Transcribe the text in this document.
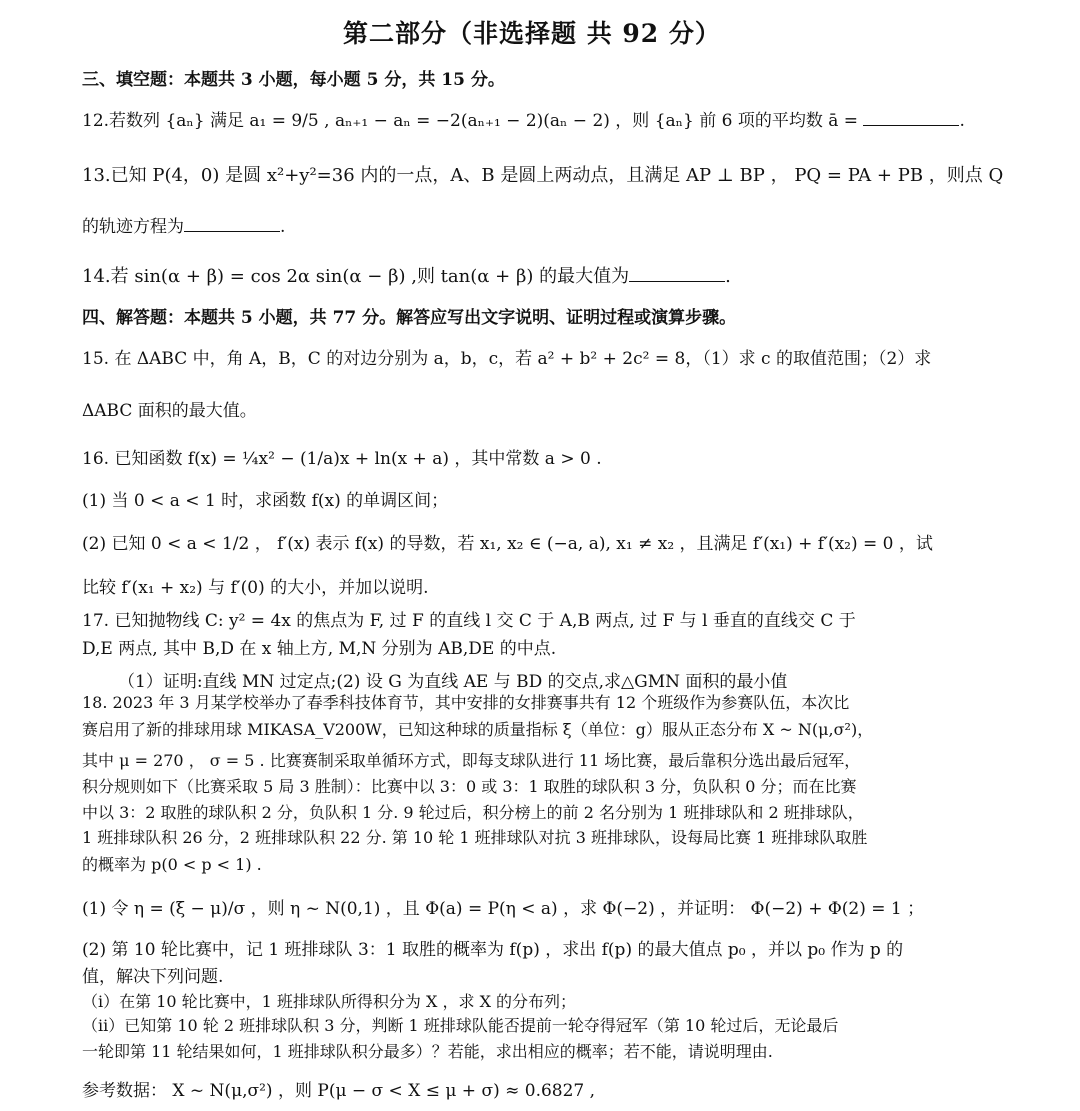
第二部分（非选择题 共 92 分）
三、填空题：本题共 3 小题，每小题 5 分，共 15 分。
12.若数列 {aₙ} 满足 a₁ = 9/5 , aₙ₊₁ − aₙ = −2(aₙ₊₁ − 2)(aₙ − 2) ，则 {aₙ} 前 6 项的平均数 ā =	.
13.已知 P(4，0) 是圆 x²+y²=36 内的一点，A、B 是圆上两动点，且满足 AP ⊥ BP ， PQ = PA + PB ，则点 Q
的轨迹方程为	.
14.若 sin(α + β) = cos 2α sin(α − β) ,则 tan(α + β) 的最大值为	.
四、解答题：本题共 5 小题，共 77 分。解答应写出文字说明、证明过程或演算步骤。
15. 在 ΔABC 中，角 A，B，C 的对边分别为 a，b，c，若 a² + b² + 2c² = 8，（1）求 c 的取值范围；（2）求
ΔABC 面积的最大值。
16. 已知函数 f(x) = ¼x² − (1/a)x + ln(x + a) ，其中常数 a > 0 .
(1) 当 0 < a < 1 时，求函数 f(x) 的单调区间；
(2) 已知 0 < a < 1/2 ， f′(x) 表示 f(x) 的导数，若 x₁, x₂ ∈ (−a, a), x₁ ≠ x₂ ，且满足 f′(x₁) + f′(x₂) = 0 ，试
比较 f′(x₁ + x₂) 与 f′(0) 的大小，并加以说明.
17. 已知抛物线 C: y² = 4x 的焦点为 F, 过 F 的直线 l 交 C 于 A,B 两点, 过 F 与 l 垂直的直线交 C 于
D,E 两点, 其中 B,D 在 x 轴上方, M,N 分别为 AB,DE 的中点.
（1）证明:直线 MN 过定点;(2) 设 G 为直线 AE 与 BD 的交点,求△GMN 面积的最小值
18. 2023 年 3 月某学校举办了春季科技体育节，其中安排的女排赛事共有 12 个班级作为参赛队伍，本次比
赛启用了新的排球用球 MIKASA_V200W，已知这种球的质量指标 ξ（单位：g）服从正态分布 X ~ N(μ,σ²)，
其中 μ = 270 ， σ = 5 . 比赛赛制采取单循环方式，即每支球队进行 11 场比赛，最后靠积分选出最后冠军，
积分规则如下（比赛采取 5 局 3 胜制）：比赛中以 3：0 或 3：1 取胜的球队积 3 分，负队积 0 分；而在比赛
中以 3：2 取胜的球队积 2 分，负队积 1 分. 9 轮过后，积分榜上的前 2 名分别为 1 班排球队和 2 班排球队，
1 班排球队积 26 分，2 班排球队积 22 分. 第 10 轮 1 班排球队对抗 3 班排球队，设每局比赛 1 班排球队取胜
的概率为 p(0 < p < 1) .
(1) 令 η = (ξ − μ)/σ ，则 η ~ N(0,1) ，且 Φ(a) = P(η < a) ，求 Φ(−2) ，并证明： Φ(−2) + Φ(2) = 1 ；
(2) 第 10 轮比赛中，记 1 班排球队 3：1 取胜的概率为 f(p) ，求出 f(p) 的最大值点 p₀ ，并以 p₀ 作为 p 的
值，解决下列问题.
（ⅰ）在第 10 轮比赛中，1 班排球队所得积分为 X ，求 X 的分布列；
（ⅱ）已知第 10 轮 2 班排球队积 3 分，判断 1 班排球队能否提前一轮夺得冠军（第 10 轮过后，无论最后
一轮即第 11 轮结果如何，1 班排球队积分最多）？若能，求出相应的概率；若不能，请说明理由.
参考数据： X ~ N(μ,σ²) ，则 P(μ − σ < X ≤ μ + σ) ≈ 0.6827 ,
